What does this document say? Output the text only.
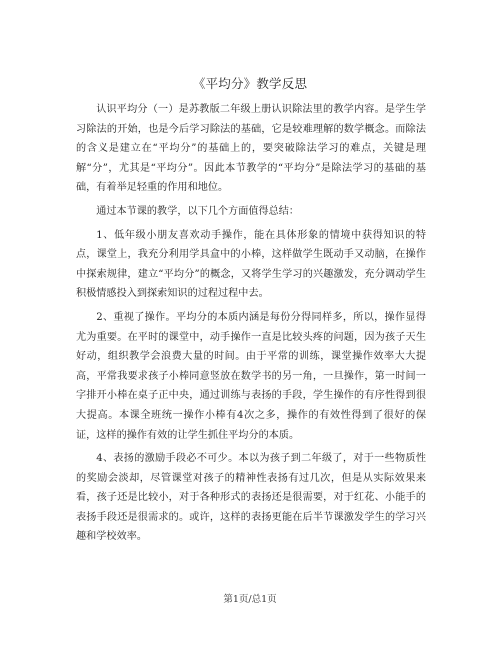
《平均分》教学反思

认识平均分（一）是苏教版二年级上册认识除法里的教学内容。是学生学习除法的开始，也是今后学习除法的基础，它是较难理解的数学概念。而除法的含义是建立在“平均分”的基础上的，要突破除法学习的难点，关键是理解“分”，尤其是“平均分”。因此本节教学的“平均分”是除法学习的基础的基础，有着举足轻重的作用和地位。

通过本节课的教学，以下几个方面值得总结：

1、低年级小朋友喜欢动手操作，能在具体形象的情境中获得知识的特点，课堂上，我充分利用学具盒中的小棒，这样做学生既动手又动脑，在操作中探索规律，建立“平均分”的概念，又将学生学习的兴趣激发，充分调动学生积极情感投入到探索知识的过程过程中去。

2、重视了操作。平均分的本质内涵是每份分得同样多，所以，操作显得尤为重要。在平时的课堂中，动手操作一直是比较头疼的问题，因为孩子天生好动，组织教学会浪费大量的时间。由于平常的训练，课堂操作效率大大提高，平常我要求孩子小棒同意竖放在数学书的另一角，一旦操作，第一时间一字排开小棒在桌子正中央，通过训练与表扬的手段，学生操作的有序性得到很大提高。本课全班统一操作小棒有4次之多，操作的有效性得到了很好的保证，这样的操作有效的让学生抓住平均分的本质。

4、表扬的激励手段必不可少。本以为孩子到二年级了，对于一些物质性的奖励会淡却，尽管课堂对孩子的精神性表扬有过几次，但是从实际效果来看，孩子还是比较小，对于各种形式的表扬还是很需要，对于红花、小能手的表扬手段还是很需求的。或许，这样的表扬更能在后半节课激发学生的学习兴趣和学校效率。

第1页/总1页
